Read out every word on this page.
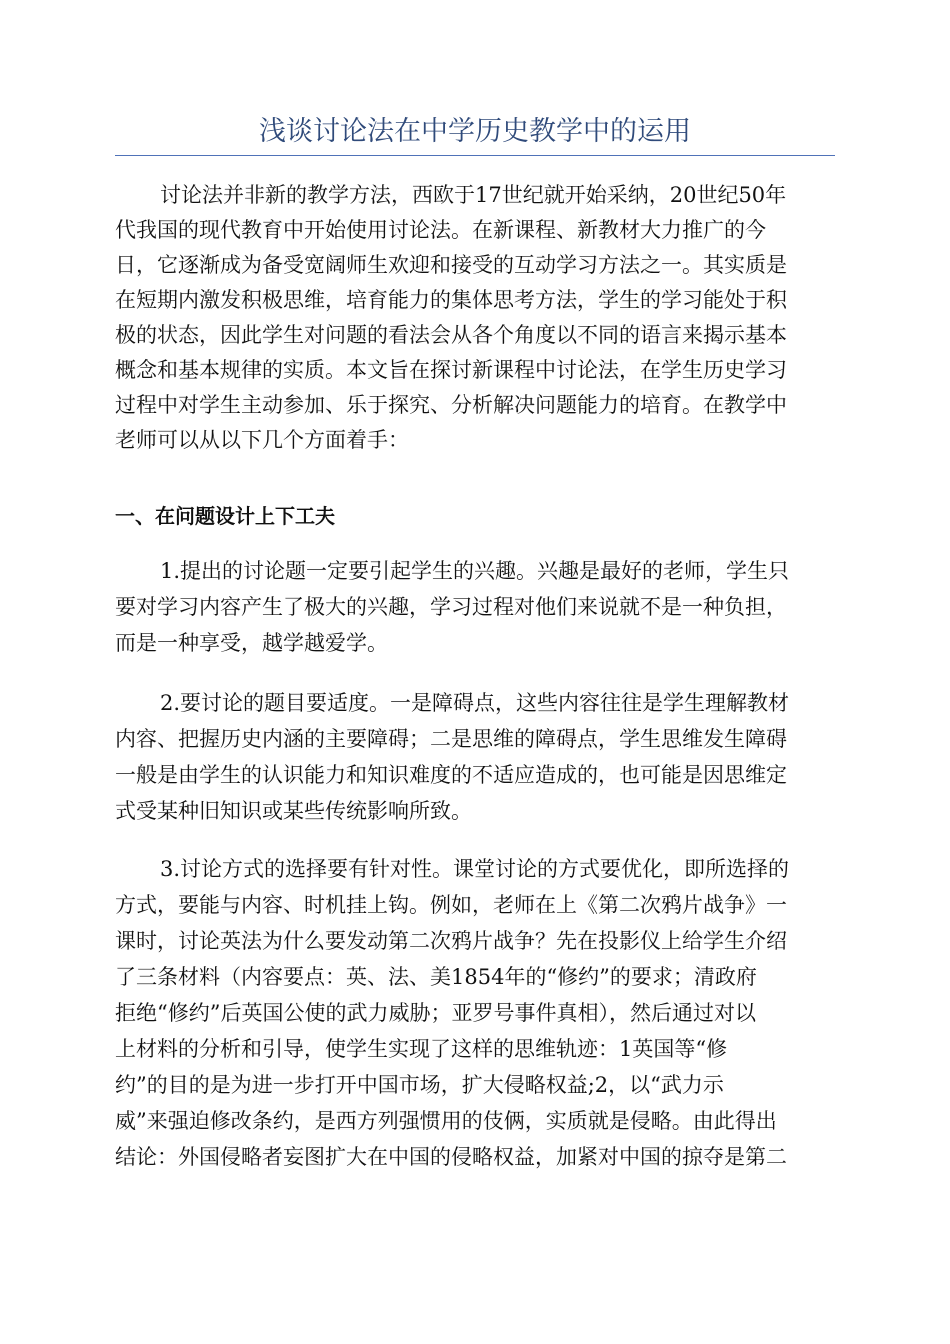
浅谈讨论法在中学历史教学中的运用
讨论法并非新的教学方法，西欧于17世纪就开始采纳，20世纪50年
代我国的现代教育中开始使用讨论法。在新课程、新教材大力推广的今
日，它逐渐成为备受宽阔师生欢迎和接受的互动学习方法之一。其实质是
在短期内激发积极思维，培育能力的集体思考方法，学生的学习能处于积
极的状态，因此学生对问题的看法会从各个角度以不同的语言来揭示基本
概念和基本规律的实质。本文旨在探讨新课程中讨论法，在学生历史学习
过程中对学生主动参加、乐于探究、分析解决问题能力的培育。在教学中
老师可以从以下几个方面着手：
一、在问题设计上下工夫
1.提出的讨论题一定要引起学生的兴趣。兴趣是最好的老师，学生只
要对学习内容产生了极大的兴趣，学习过程对他们来说就不是一种负担，
而是一种享受，越学越爱学。
2.要讨论的题目要适度。一是障碍点，这些内容往往是学生理解教材
内容、把握历史内涵的主要障碍；二是思维的障碍点，学生思维发生障碍
一般是由学生的认识能力和知识难度的不适应造成的，也可能是因思维定
式受某种旧知识或某些传统影响所致。
3.讨论方式的选择要有针对性。课堂讨论的方式要优化，即所选择的
方式，要能与内容、时机挂上钩。例如，老师在上《第二次鸦片战争》一
课时，讨论英法为什么要发动第二次鸦片战争？先在投影仪上给学生介绍
了三条材料（内容要点：英、法、美1854年的“修约”的要求；清政府
拒绝“修约”后英国公使的武力威胁；亚罗号事件真相），然后通过对以
上材料的分析和引导，使学生实现了这样的思维轨迹：1英国等“修
约”的目的是为进一步打开中国市场，扩大侵略权益;2，以“武力示
威”来强迫修改条约，是西方列强惯用的伎俩，实质就是侵略。由此得出
结论：外国侵略者妄图扩大在中国的侵略权益，加紧对中国的掠夺是第二
